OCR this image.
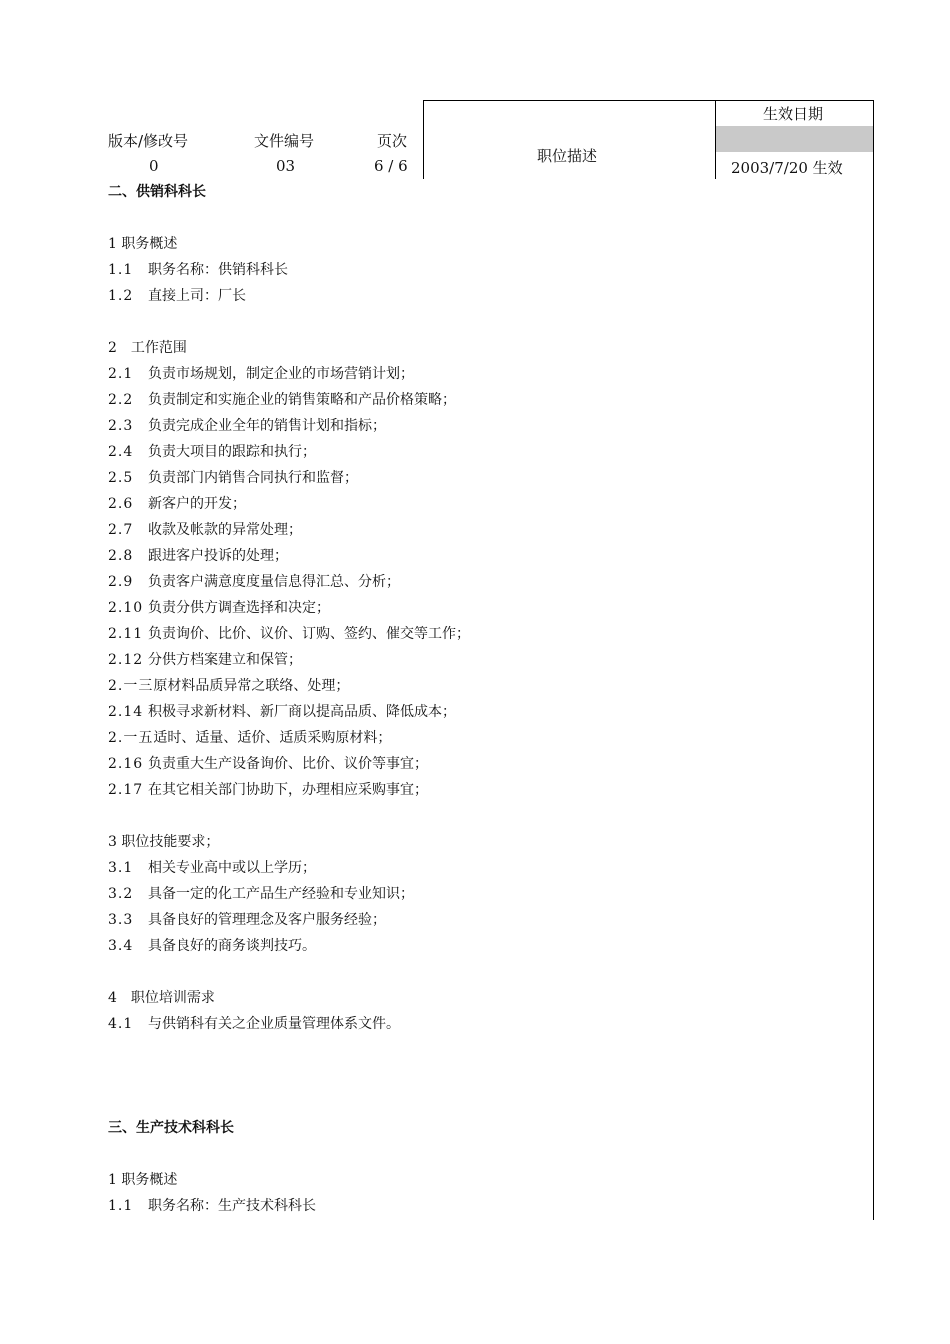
版本/修改号
0
文件编号
03
页次
6 / 6
职位描述
生效日期
2003/7/20 生效
二、供销科科长
1 职务概述
1.1 职务名称：供销科科长
1.2 直接上司：厂长
2　工作范围
2.1 负责市场规划，制定企业的市场营销计划；
2.2 负责制定和实施企业的销售策略和产品价格策略；
2.3 负责完成企业全年的销售计划和指标；
2.4 负责大项目的跟踪和执行；
2.5 负责部门内销售合同执行和监督；
2.6 新客户的开发；
2.7 收款及帐款的异常处理；
2.8 跟进客户投诉的处理；
2.9 负责客户满意度度量信息得汇总、分析；
2.10 负责分供方调查选择和决定；
2.11 负责询价、比价、议价、订购、签约、催交等工作；
2.12 分供方档案建立和保管；
2.一三原材料品质异常之联络、处理；
2.14 积极寻求新材料、新厂商以提高品质、降低成本；
2.一五适时、适量、适价、适质采购原材料；
2.16 负责重大生产设备询价、比价、议价等事宜；
2.17 在其它相关部门协助下，办理相应采购事宜；
3 职位技能要求；
3.1 相关专业高中或以上学历；
3.2 具备一定的化工产品生产经验和专业知识；
3.3 具备良好的管理理念及客户服务经验；
3.4 具备良好的商务谈判技巧。
4　职位培训需求
4.1 与供销科有关之企业质量管理体系文件。
三、生产技术科科长
1 职务概述
1.1 职务名称：生产技术科科长
